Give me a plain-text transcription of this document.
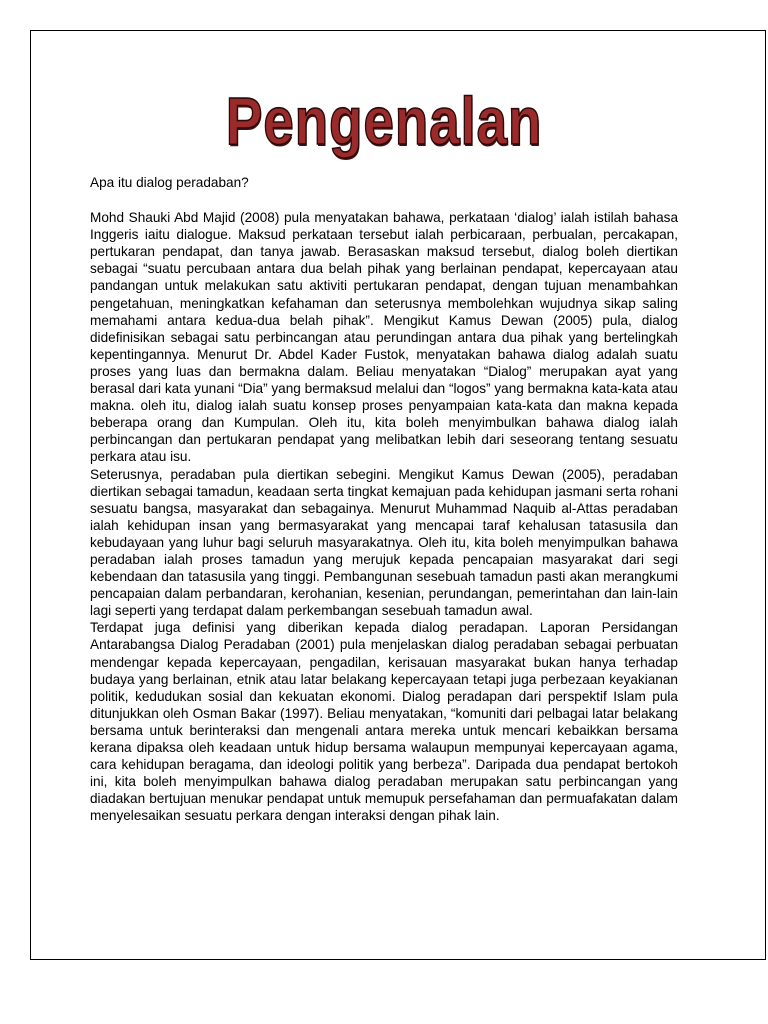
Pengenalan

Apa itu dialog peradaban?

Mohd Shauki Abd Majid (2008) pula menyatakan bahawa, perkataan ‘dialog’ ialah istilah bahasa Inggeris iaitu dialogue. Maksud perkataan tersebut ialah perbicaraan, perbualan, percakapan, pertukaran pendapat, dan tanya jawab. Berasaskan maksud tersebut, dialog boleh diertikan sebagai “suatu percubaan antara dua belah pihak yang berlainan pendapat, kepercayaan atau pandangan untuk melakukan satu aktiviti pertukaran pendapat, dengan tujuan menambahkan pengetahuan, meningkatkan kefahaman dan seterusnya membolehkan wujudnya sikap saling memahami antara kedua-dua belah pihak”. Mengikut Kamus Dewan (2005) pula, dialog didefinisikan sebagai satu perbincangan atau perundingan antara dua pihak yang bertelingkah kepentingannya. Menurut Dr. Abdel Kader Fustok, menyatakan bahawa dialog adalah suatu proses yang luas dan bermakna dalam. Beliau menyatakan “Dialog” merupakan ayat yang berasal dari kata yunani “Dia” yang bermaksud melalui dan “logos” yang bermakna kata-kata atau makna. oleh itu, dialog ialah suatu konsep proses penyampaian kata-kata dan makna kepada beberapa orang dan Kumpulan. Oleh itu, kita boleh menyimbulkan bahawa dialog ialah perbincangan dan pertukaran pendapat yang melibatkan lebih dari seseorang tentang sesuatu perkara atau isu.

Seterusnya, peradaban pula diertikan sebegini. Mengikut Kamus Dewan (2005), peradaban diertikan sebagai tamadun, keadaan serta tingkat kemajuan pada kehidupan jasmani serta rohani sesuatu bangsa, masyarakat dan sebagainya. Menurut Muhammad Naquib al-Attas peradaban ialah kehidupan insan yang bermasyarakat yang mencapai taraf kehalusan tatasusila dan kebudayaan yang luhur bagi seluruh masyarakatnya. Oleh itu, kita boleh menyimpulkan bahawa peradaban ialah proses tamadun yang merujuk kepada pencapaian masyarakat dari segi kebendaan dan tatasusila yang tinggi. Pembangunan sesebuah tamadun pasti akan merangkumi pencapaian dalam perbandaran, kerohanian, kesenian, perundangan, pemerintahan dan lain-lain lagi seperti yang terdapat dalam perkembangan sesebuah tamadun awal.

Terdapat juga definisi yang diberikan kepada dialog peradapan. Laporan Persidangan Antarabangsa Dialog Peradaban (2001) pula menjelaskan dialog peradaban sebagai perbuatan mendengar kepada kepercayaan, pengadilan, kerisauan masyarakat bukan hanya terhadap budaya yang berlainan, etnik atau latar belakang kepercayaan tetapi juga perbezaan keyakianan politik, kedudukan sosial dan kekuatan ekonomi. Dialog peradapan dari perspektif Islam pula ditunjukkan oleh Osman Bakar (1997). Beliau menyatakan, “komuniti dari pelbagai latar belakang bersama untuk berinteraksi dan mengenali antara mereka untuk mencari kebaikkan bersama kerana dipaksa oleh keadaan untuk hidup bersama walaupun mempunyai kepercayaan agama, cara kehidupan beragama, dan ideologi politik yang berbeza”. Daripada dua pendapat bertokoh ini, kita boleh menyimpulkan bahawa dialog peradaban merupakan satu perbincangan yang diadakan bertujuan menukar pendapat untuk memupuk persefahaman dan permuafakatan dalam menyelesaikan sesuatu perkara dengan interaksi dengan pihak lain.
